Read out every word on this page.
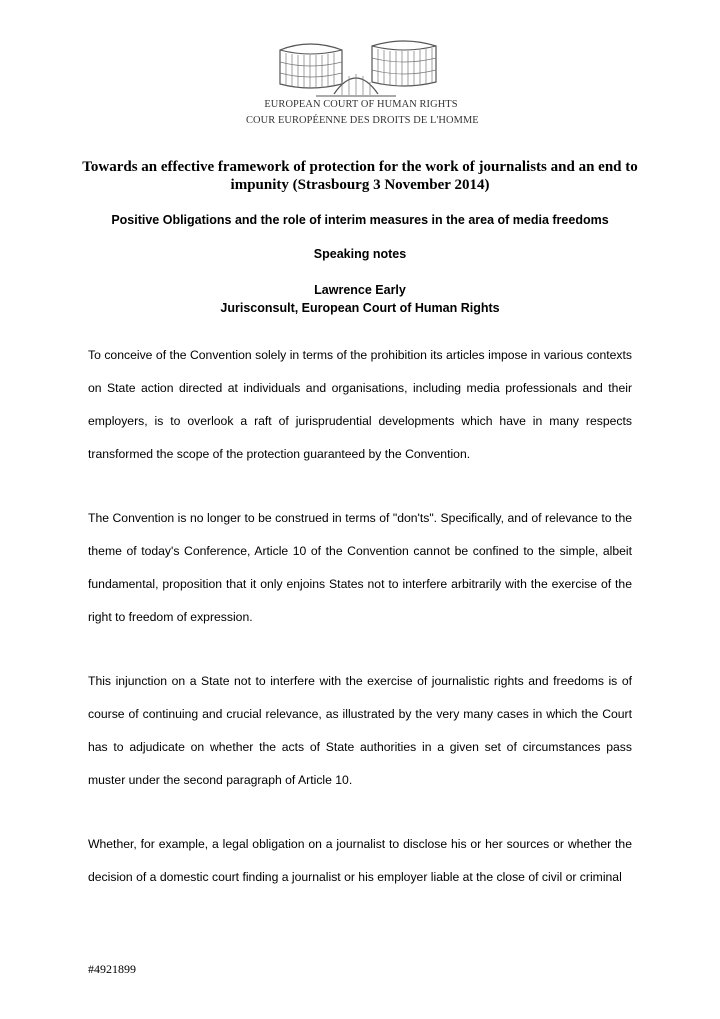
EUROPEAN COURT OF HUMAN RIGHTS
COUR EUROPÉENNE DES DROITS DE L'HOMME
Towards an effective framework of protection for the work of journalists and an end to impunity (Strasbourg 3 November 2014)

Positive Obligations and the role of interim measures in the area of media freedoms

Speaking notes

Lawrence Early

Jurisconsult, European Court of Human Rights

To conceive of the Convention solely in terms of the prohibition its articles impose in various contexts on State action directed at individuals and organisations, including media professionals and their employers, is to overlook a raft of jurisprudential developments which have in many respects transformed the scope of the protection guaranteed by the Convention.

The Convention is no longer to be construed in terms of "don'ts". Specifically, and of relevance to the theme of today's Conference, Article 10 of the Convention cannot be confined to the simple, albeit fundamental, proposition that it only enjoins States not to interfere arbitrarily with the exercise of the right to freedom of expression.

This injunction on a State not to interfere with the exercise of journalistic rights and freedoms is of course of continuing and crucial relevance, as illustrated by the very many cases in which the Court has to adjudicate on whether the acts of State authorities in a given set of circumstances pass muster under the second paragraph of Article 10.

Whether, for example, a legal obligation on a journalist to disclose his or her sources or whether the decision of a domestic court finding a journalist or his employer liable at the close of civil or criminal

#4921899
